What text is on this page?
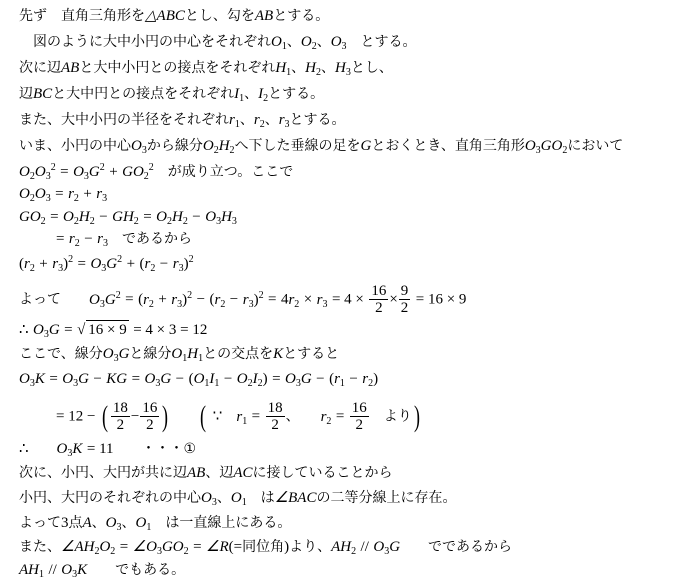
先ず　直角三角形を△ABCとし、勾をABとする。
　図のように大中小円の中心をそれぞれ$O_1$、$O_2$、$O_3$　とする。
次に辺ABと大中小円との接点をそれぞれ$H_1$、$H_2$、$H_3$とし、
辺BCと大中円との接点をそれぞれ$I_1$、$I_2$とする。
また、大中小円の半径をそれぞれ$r_1$、$r_2$、$r_3$とする。
いま、小円の中心$O_3$から線分$O_2H_2$へ下した垂線の足をGとおくとき、直角三角形$O_3GO_2$において
$O_2O_3^2 = O_3G^2 + GO_2^2$　が成り立つ。ここで
$O_2O_3 = r_2 + r_3$
$GO_2 = O_2H_2 - GH_2 = O_2H_2 - O_3H_3$
= $r_2 - r_3$　であるから
$(r_2 + r_3)^2 = O_3G^2 + (r_2 - r_3)^2$
よって　　$O_3G^2 = (r_2 + r_3)^2 - (r_2 - r_3)^2 = 4r_2 \times r_3 = 4 \times \frac{16}{2} \times \frac{9}{2} = 16 \times 9$
∴ $O_3G$ = √ 16 × 9 = 4 × 3 = 12
ここで、線分$O_3G$と線分$O_1H_1$との交点をKとすると
$O_3K = O_3G$ − KG = $O_3G - (O_1I_1 - O_2I_2) = O_3G - (r_1 - r_2)$
= 12 − ( $\frac{18}{2} - \frac{16}{2}$ )　　 ( ∵　 $r_1 = \frac{18}{2}$ 、　　$r_2 = \frac{16}{2}$ 　より)
∴　　 $O_3K = 11$　　・・・①
次に、小円、大円が共に辺AB、辺ACに接していることから
小円、大円のそれぞれの中心$O_3$、$O_1$　は∠BACの二等分線上に存在。
よって3点A、$O_3$、$O_1$　は一直線上にある。
また、$\angle AH_2O_2$ = $\angle O_3GO_2$ = ∠R(=同位角)より、$AH_2 // O_3G$　　でであるから
$AH_1 // O_3K$　　でもある。
